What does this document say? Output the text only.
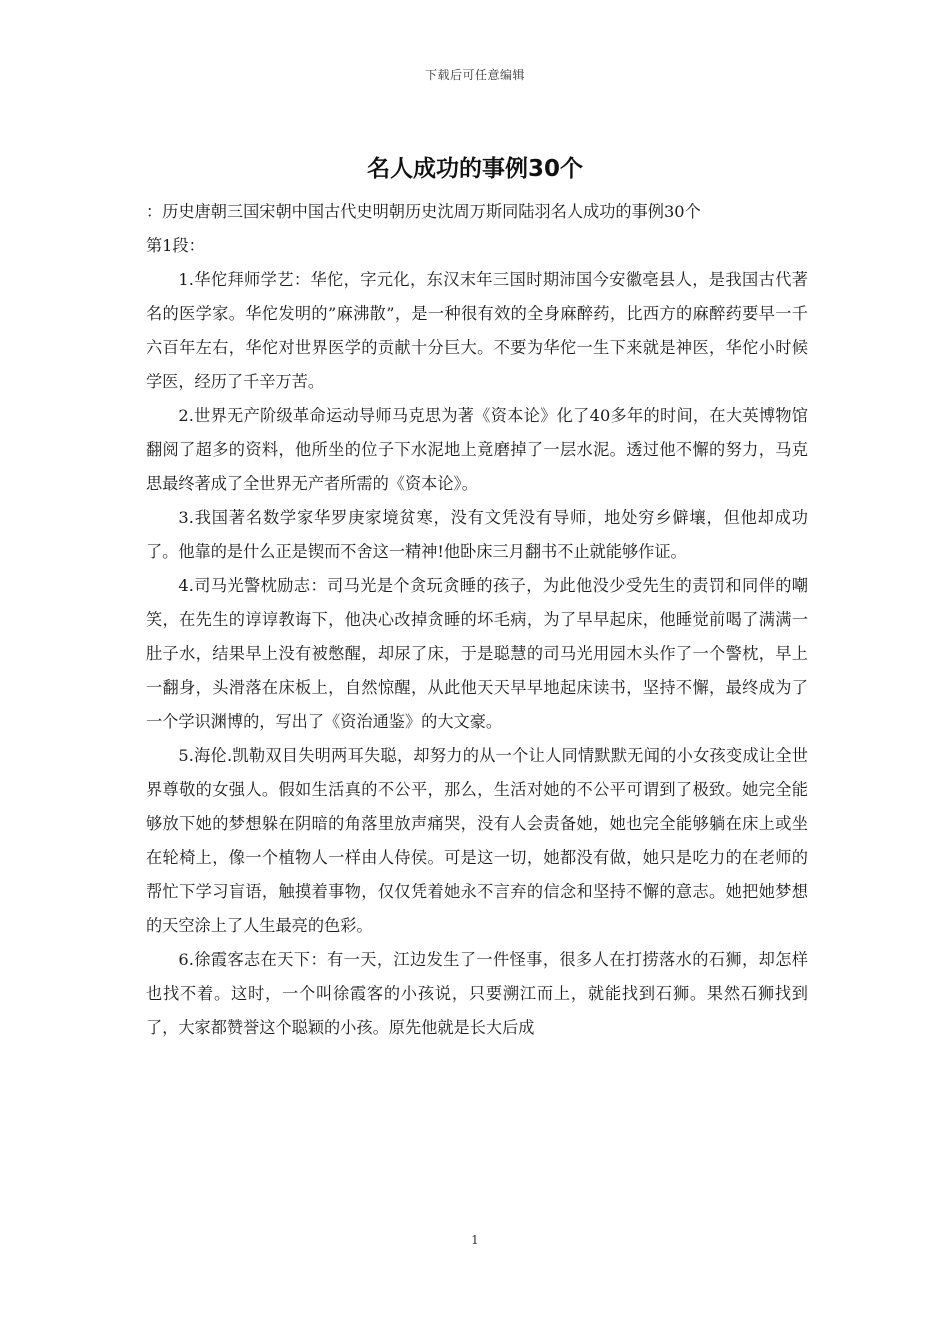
下载后可任意编辑
名人成功的事例30个

：历史唐朝三国宋朝中国古代史明朝历史沈周万斯同陆羽名人成功的事例30个

第1段：

1.华佗拜师学艺：华佗，字元化，东汉末年三国时期沛国今安徽亳县人，是我国古代著名的医学家。华佗发明的”麻沸散”，是一种很有效的全身麻醉药，比西方的麻醉药要早一千六百年左右，华佗对世界医学的贡献十分巨大。不要为华佗一生下来就是神医，华佗小时候学医，经历了千辛万苦。

2.世界无产阶级革命运动导师马克思为著《资本论》化了40多年的时间，在大英博物馆翻阅了超多的资料，他所坐的位子下水泥地上竟磨掉了一层水泥。透过他不懈的努力，马克思最终著成了全世界无产者所需的《资本论》。

3.我国著名数学家华罗庚家境贫寒，没有文凭没有导师，地处穷乡僻壤，但他却成功了。他靠的是什么正是锲而不舍这一精神!他卧床三月翻书不止就能够作证。

4.司马光警枕励志：司马光是个贪玩贪睡的孩子，为此他没少受先生的责罚和同伴的嘲笑，在先生的谆谆教诲下，他决心改掉贪睡的坏毛病，为了早早起床，他睡觉前喝了满满一肚子水，结果早上没有被憋醒，却尿了床，于是聪慧的司马光用园木头作了一个警枕，早上一翻身，头滑落在床板上，自然惊醒，从此他天天早早地起床读书，坚持不懈，最终成为了一个学识渊博的，写出了《资治通鉴》的大文豪。

5.海伦.凯勒双目失明两耳失聪，却努力的从一个让人同情默默无闻的小女孩变成让全世界尊敬的女强人。假如生活真的不公平，那么，生活对她的不公平可谓到了极致。她完全能够放下她的梦想躲在阴暗的角落里放声痛哭，没有人会责备她，她也完全能够躺在床上或坐在轮椅上，像一个植物人一样由人侍侯。可是这一切，她都没有做，她只是吃力的在老师的帮忙下学习盲语，触摸着事物，仅仅凭着她永不言弃的信念和坚持不懈的意志。她把她梦想的天空涂上了人生最亮的色彩。

6.徐霞客志在天下：有一天，江边发生了一件怪事，很多人在打捞落水的石狮，却怎样也找不着。这时，一个叫徐霞客的小孩说，只要溯江而上，就能找到石狮。果然石狮找到了，大家都赞誉这个聪颖的小孩。原先他就是长大后成

1
